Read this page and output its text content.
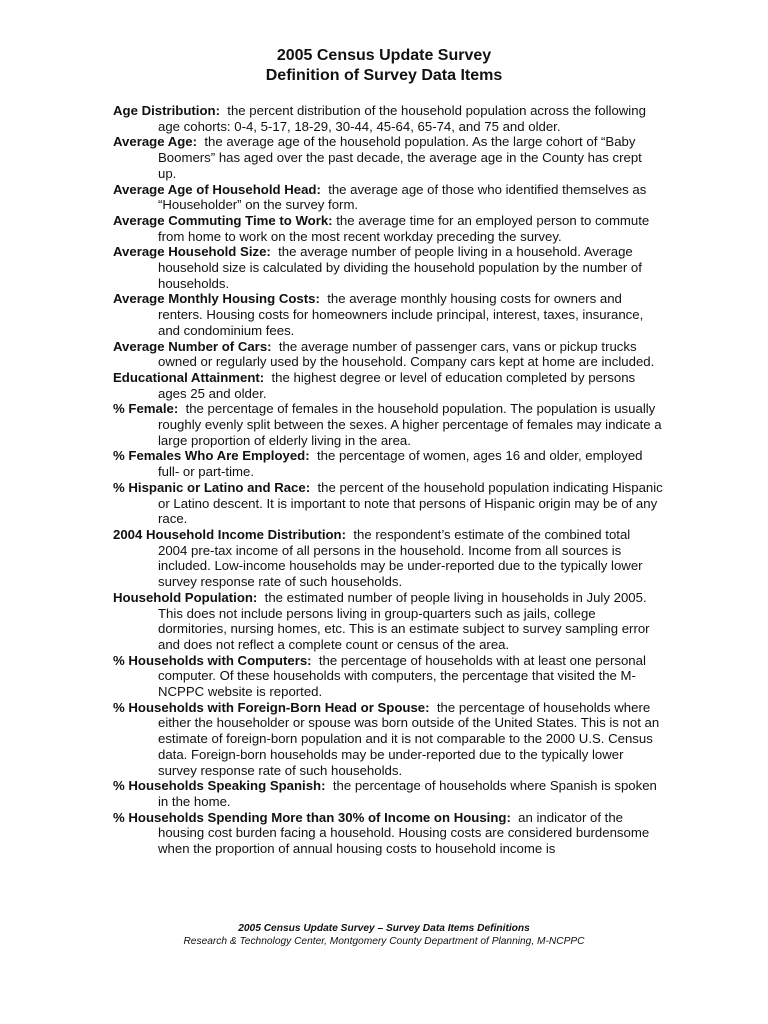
2005 Census Update Survey
Definition of Survey Data Items

Age Distribution: the percent distribution of the household population across the following age cohorts: 0-4, 5-17, 18-29, 30-44, 45-64, 65-74, and 75 and older.

Average Age: the average age of the household population. As the large cohort of “Baby Boomers” has aged over the past decade, the average age in the County has crept up.

Average Age of Household Head: the average age of those who identified themselves as “Householder” on the survey form.

Average Commuting Time to Work: the average time for an employed person to commute from home to work on the most recent workday preceding the survey.

Average Household Size: the average number of people living in a household. Average household size is calculated by dividing the household population by the number of households.

Average Monthly Housing Costs: the average monthly housing costs for owners and renters. Housing costs for homeowners include principal, interest, taxes, insurance, and condominium fees.

Average Number of Cars: the average number of passenger cars, vans or pickup trucks owned or regularly used by the household. Company cars kept at home are included.

Educational Attainment: the highest degree or level of education completed by persons ages 25 and older.

% Female: the percentage of females in the household population. The population is usually roughly evenly split between the sexes. A higher percentage of females may indicate a large proportion of elderly living in the area.

% Females Who Are Employed: the percentage of women, ages 16 and older, employed full- or part-time.

% Hispanic or Latino and Race: the percent of the household population indicating Hispanic or Latino descent. It is important to note that persons of Hispanic origin may be of any race.

2004 Household Income Distribution: the respondent’s estimate of the combined total 2004 pre-tax income of all persons in the household. Income from all sources is included. Low-income households may be under-reported due to the typically lower survey response rate of such households.

Household Population: the estimated number of people living in households in July 2005. This does not include persons living in group-quarters such as jails, college dormitories, nursing homes, etc. This is an estimate subject to survey sampling error and does not reflect a complete count or census of the area.

% Households with Computers: the percentage of households with at least one personal computer. Of these households with computers, the percentage that visited the M-NCPPC website is reported.

% Households with Foreign-Born Head or Spouse: the percentage of households where either the householder or spouse was born outside of the United States. This is not an estimate of foreign-born population and it is not comparable to the 2000 U.S. Census data. Foreign-born households may be under-reported due to the typically lower survey response rate of such households.

% Households Speaking Spanish: the percentage of households where Spanish is spoken in the home.

% Households Spending More than 30% of Income on Housing: an indicator of the housing cost burden facing a household. Housing costs are considered burdensome when the proportion of annual housing costs to household income is

2005 Census Update Survey – Survey Data Items Definitions
Research & Technology Center, Montgomery County Department of Planning, M-NCPPC
